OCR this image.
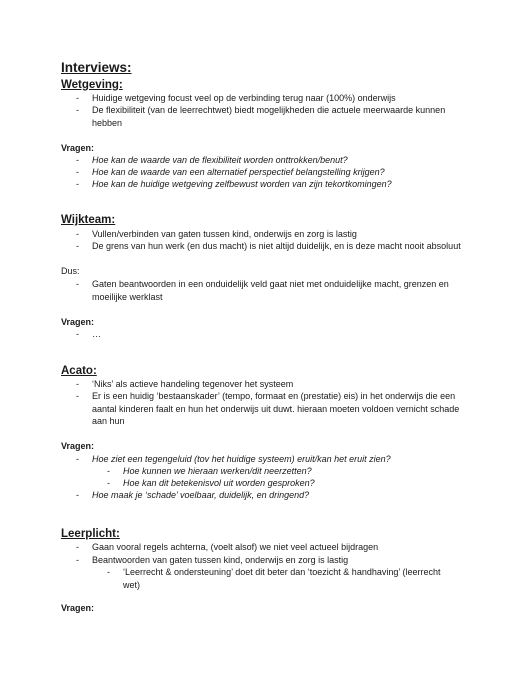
Interviews:
Wetgeving:
-	Huidige wetgeving focust veel op de verbinding terug naar (100%) onderwijs
-	De flexibiliteit (van de leerrechtwet) biedt mogelijkheden die actuele meerwaarde kunnen hebben
Vragen:
-	Hoe kan de waarde van de flexibiliteit worden onttrokken/benut?
-	Hoe kan de waarde van een alternatief perspectief belangstelling krijgen?
-	Hoe kan de huidige wetgeving zelfbewust worden van zijn tekortkomingen?
Wijkteam:
-	Vullen/verbinden van gaten tussen kind, onderwijs en zorg is lastig
-	De grens van hun werk (en dus macht) is niet altijd duidelijk, en is deze macht nooit absoluut
Dus:
-	Gaten beantwoorden in een onduidelijk veld gaat niet met onduidelijke macht, grenzen en moeilijke werklast
Vragen:
-	…
Acato:
-	‘Niks’ als actieve handeling tegenover het systeem
-	Er is een huidig ‘bestaanskader’ (tempo, formaat en (prestatie) eis) in het onderwijs die een aantal kinderen faalt en hun het onderwijs uit duwt. hieraan moeten voldoen vernicht schade aan hun
Vragen:
-	Hoe ziet een tegengeluid (tov het huidige systeem) eruit/kan het eruit zien?
-	Hoe kunnen we hieraan werken/dit neerzetten?
-	Hoe kan dit betekenisvol uit worden gesproken?
-	Hoe maak je ‘schade’ voelbaar, duidelijk, en dringend?
Leerplicht:
-	Gaan vooral regels achterna, (voelt alsof) we niet veel actueel bijdragen
-	Beantwoorden van gaten tussen kind, onderwijs en zorg is lastig
-	‘Leerrecht & ondersteuning’ doet dit beter dan ‘toezicht & handhaving’ (leerrecht wet)
Vragen:
